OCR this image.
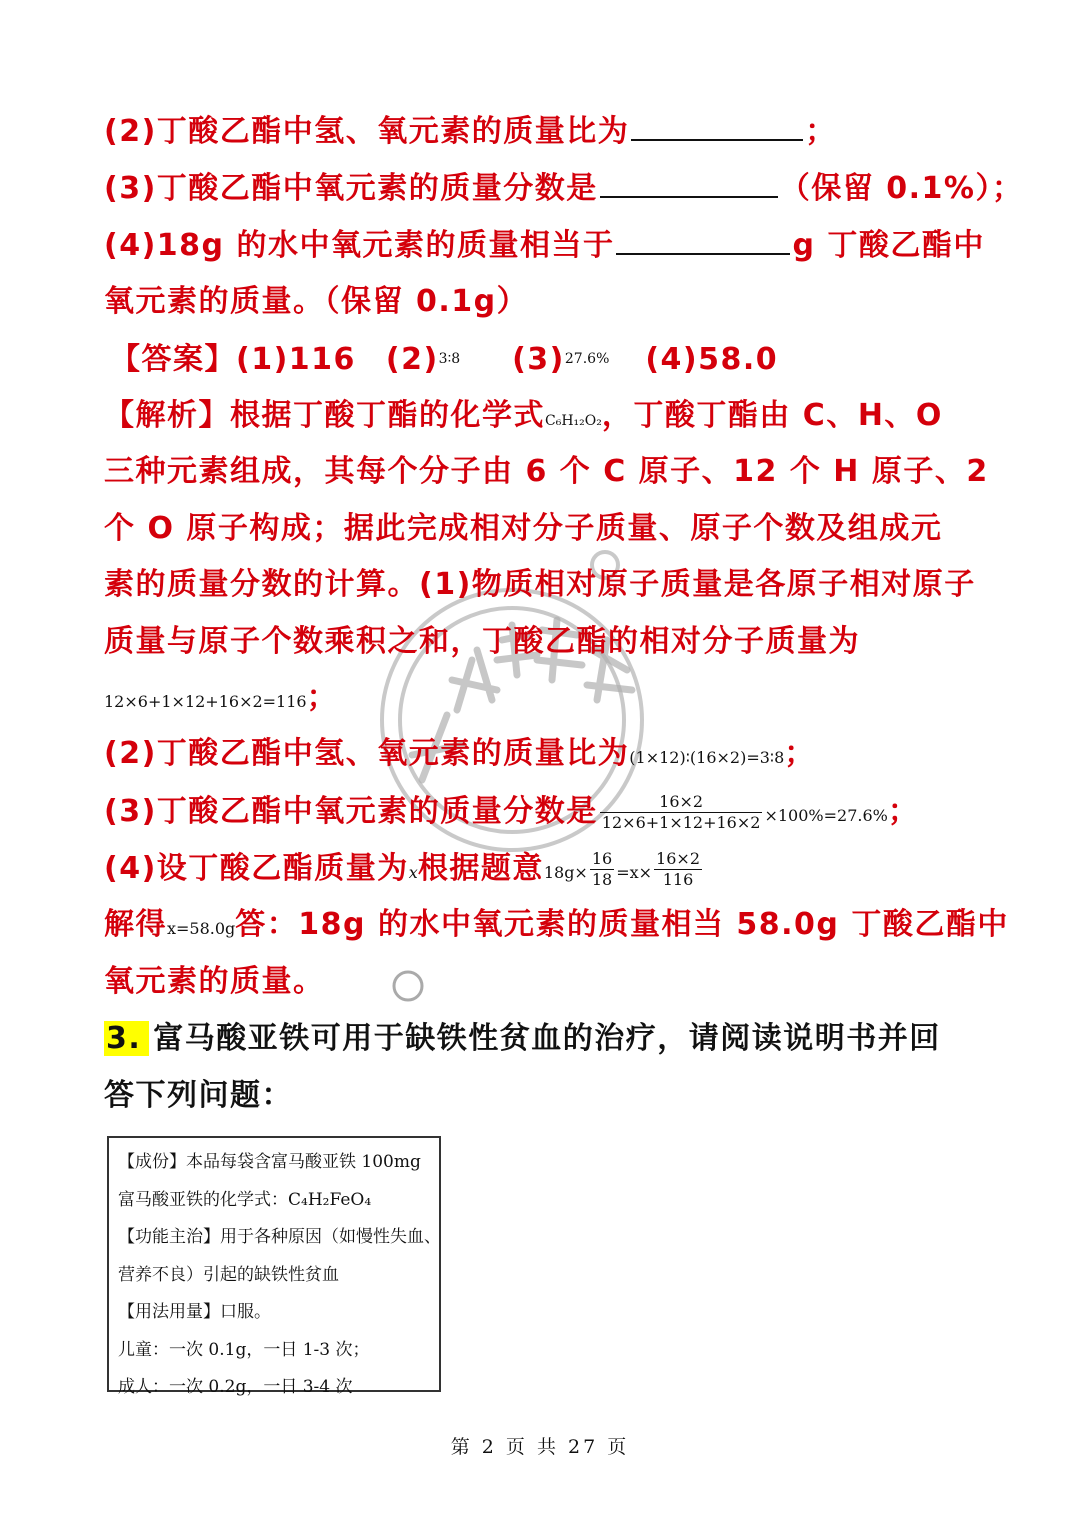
(2)丁酸乙酯中氢、氧元素的质量比为	；
(3)丁酸乙酯中氧元素的质量分数是	（保留 0.1%）；
(4)18g 的水中氧元素的质量相当于	g 丁酸乙酯中
氧元素的质量。（保留 0.1g）
【答案】(1)116 $(2)^{3∶8}$ $(3)^{27.6\%}$ (4)58.0
【解析】根据丁酸丁酯的化学式C₆H₁₂O₂，丁酸丁酯由 C、H、O
三种元素组成，其每个分子由 6 个 C 原子、12 个 H 原子、2
个 O 原子构成；据此完成相对分子质量、原子个数及组成元
素的质量分数的计算。(1)物质相对原子质量是各原子相对原子
质量与原子个数乘积之和，丁酸乙酯的相对分子质量为
12×6+1×12+16×2=116；
(2)丁酸乙酯中氢、氧元素的质量比为(1×12)∶(16×2)=3∶8；
(3)丁酸乙酯中氧元素的质量分数是 $\frac{16\times 2}{12\times 6+1\times 12+16\times 2} \times 100\%=27.6\%$；
(4)设丁酸乙酯质量为x根据题意$18g\times \frac{16}{18} =x\times \frac{16\times 2}{116}$
解得x=58.0g答：18g 的水中氧元素的质量相当 58.0g 丁酸乙酯中
氧元素的质量。
3. 富马酸亚铁可用于缺铁性贫血的治疗，请阅读说明书并回
答下列问题：
【成份】本品每袋含富马酸亚铁 100mg
富马酸亚铁的化学式：C₄H₂FeO₄
【功能主治】用于各种原因（如慢性失血、
营养不良）引起的缺铁性贫血
【用法用量】口服。
儿童：一次 0.1g，一日 1-3 次；
成人：一次 0.2g，一日 3-4 次
第 2 页 共 27 页
